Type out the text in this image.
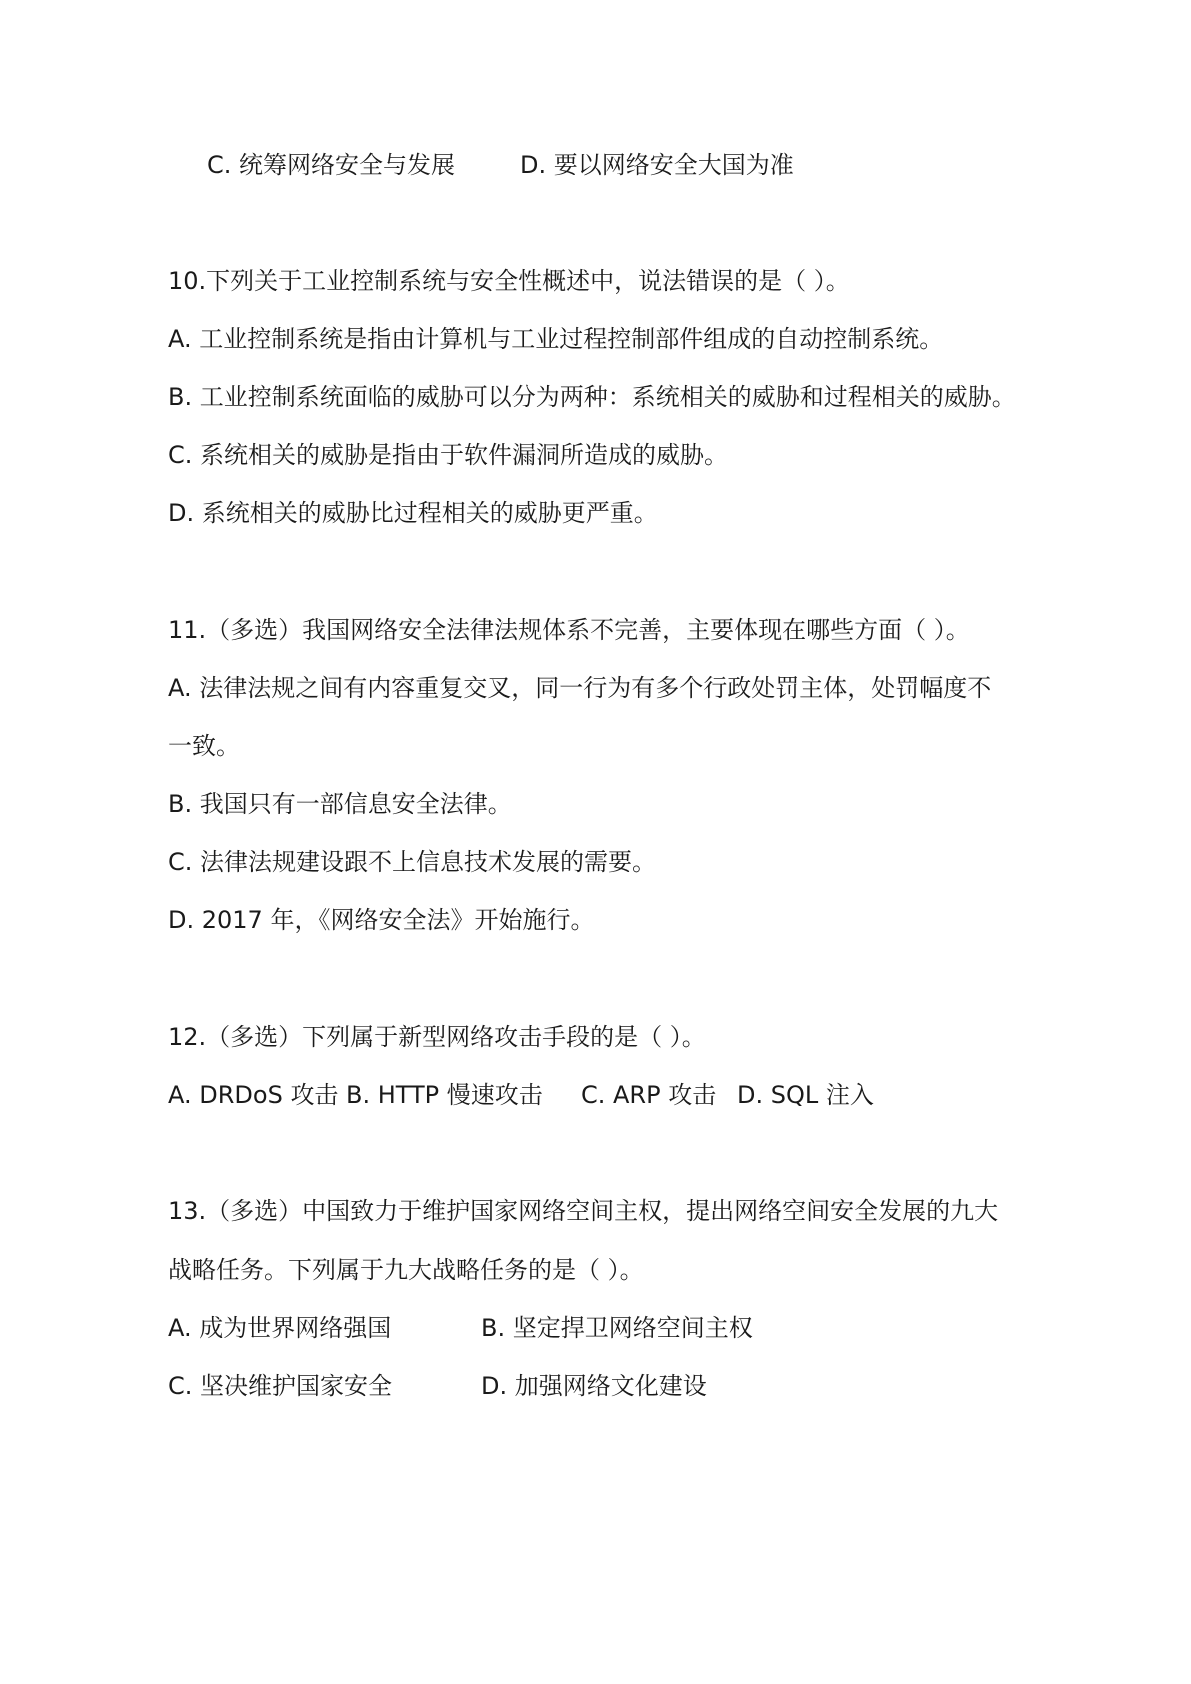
C. 统筹网络安全与发展	D. 要以网络安全大国为准
10.下列关于工业控制系统与安全性概述中，说法错误的是（ ）。
A. 工业控制系统是指由计算机与工业过程控制部件组成的自动控制系统。
B. 工业控制系统面临的威胁可以分为两种：系统相关的威胁和过程相关的威胁。
C. 系统相关的威胁是指由于软件漏洞所造成的威胁。
D. 系统相关的威胁比过程相关的威胁更严重。
11.（多选）我国网络安全法律法规体系不完善，主要体现在哪些方面（ ）。
A. 法律法规之间有内容重复交叉，同一行为有多个行政处罚主体，处罚幅度不
一致。
B. 我国只有一部信息安全法律。
C. 法律法规建设跟不上信息技术发展的需要。
D. 2017 年，《网络安全法》开始施行。
12.（多选）下列属于新型网络攻击手段的是（ ）。
A. DRDoS 攻击 B. HTTP 慢速攻击 C. ARP 攻击 D. SQL 注入
13.（多选）中国致力于维护国家网络空间主权，提出网络空间安全发展的九大
战略任务。下列属于九大战略任务的是（ ）。
A. 成为世界网络强国	B. 坚定捍卫网络空间主权
C. 坚决维护国家安全	D. 加强网络文化建设
